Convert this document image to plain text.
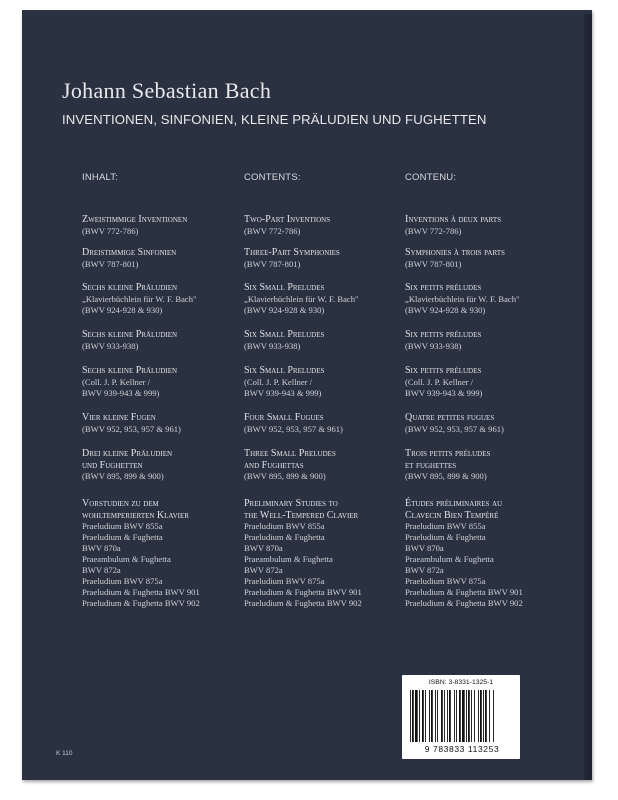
Johann Sebastian Bach
INVENTIONEN, SINFONIEN, KLEINE PRÄLUDIEN UND FUGHETTEN
INHALT:
Zweistimmige Inventionen
(BWV 772-786)
Dreistimmige Sinfonien
(BWV 787-801)
Sechs kleine Präludien
„Klavierbüchlein für W. F. Bach"
(BWV 924-928 & 930)
Sechs kleine Präludien
(BWV 933-938)
Sechs kleine Präludien
(Coll. J. P. Kellner /
BWV 939-943 & 999)
Vier kleine Fugen
(BWV 952, 953, 957 & 961)
Drei kleine Präludien
und Fughetten
(BWV 895, 899 & 900)
Vorstudien zu dem
wohltemperierten Klavier
Praeludium BWV 855a
Praeludium & Fughetta
BWV 870a
Praeambulum & Fughetta
BWV 872a
Praeludium BWV 875a
Praeludium & Fughetta BWV 901
Praeludium & Fughetta BWV 902
CONTENTS:
Two-Part Inventions
(BWV 772-786)
Three-Part Symphonies
(BWV 787-801)
Six Small Preludes
„Klavierbüchlein für W. F. Bach"
(BWV 924-928 & 930)
Six Small Preludes
(BWV 933-938)
Six Small Preludes
(Coll. J. P. Kellner /
BWV 939-943 & 999)
Four Small Fugues
(BWV 952, 953, 957 & 961)
Three Small Preludes
and Fughettas
(BWV 895, 899 & 900)
Preliminary Studies to
the Well-Tempered Clavier
Praeludium BWV 855a
Praeludium & Fughetta
BWV 870a
Praeambulum & Fughetta
BWV 872a
Praeludium BWV 875a
Praeludium & Fughetta BWV 901
Praeludium & Fughetta BWV 902
CONTENU:
Inventions à deux parts
(BWV 772-786)
Symphonies à trois parts
(BWV 787-801)
Six petits préludes
„Klavierbüchlein für W. F. Bach"
(BWV 924-928 & 930)
Six petits préludes
(BWV 933-938)
Six petits préludes
(Coll. J. P. Kellner /
BWV 939-943 & 999)
Quatre petites fugues
(BWV 952, 953, 957 & 961)
Trois petits préludes
et fughettes
(BWV 895, 899 & 900)
Études préliminaires au
Clavecin Bien Tempéré
Praeludium BWV 855a
Praeludium & Fughetta
BWV 870a
Praeambulum & Fughetta
BWV 872a
Praeludium BWV 875a
Praeludium & Fughetta BWV 901
Praeludium & Fughetta BWV 902
K 110
ISBN: 3-8331-1325-1
9 783833 113253
